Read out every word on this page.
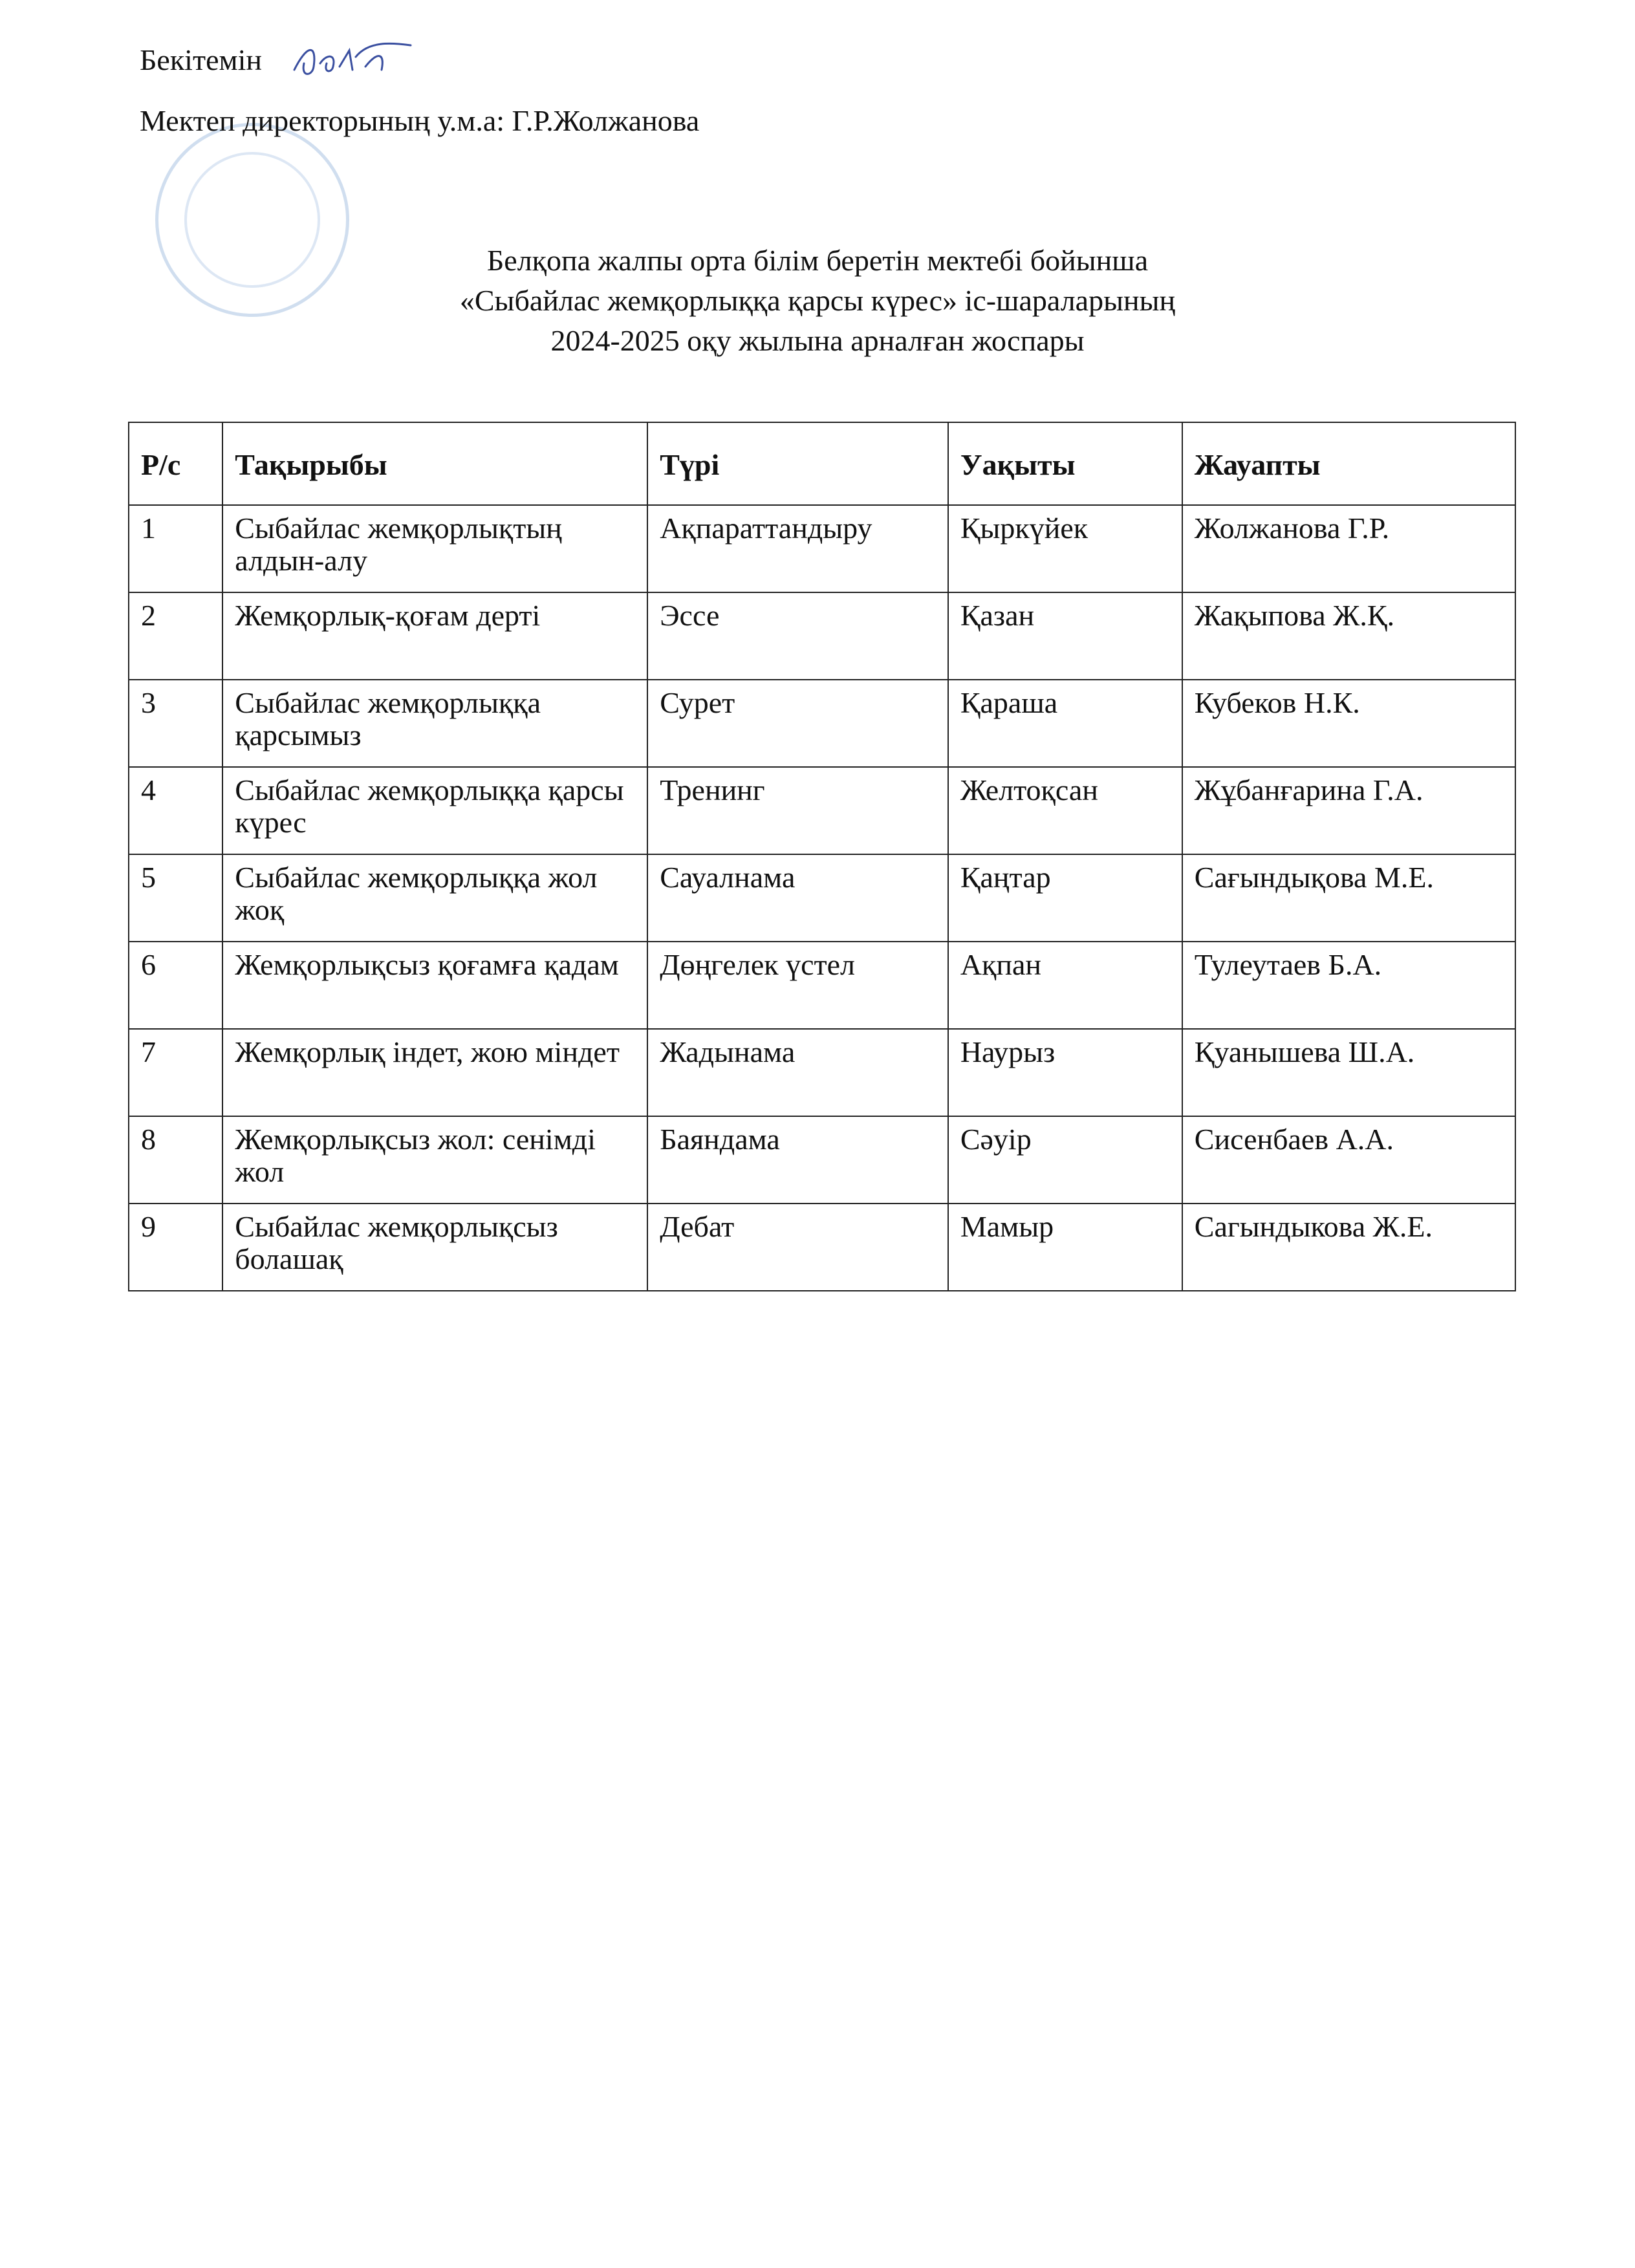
Бекітемін
Мектеп директорының у.м.а: Г.Р.Жолжанова
Белқопа жалпы орта білім беретін мектебі бойынша
«Сыбайлас жемқорлыққа қарсы күрес» іс-шараларының
2024-2025 оқу жылына арналған жоспары
Р/с	Тақырыбы	Түрі	Уақыты	Жауапты
1	Сыбайлас жемқорлықтың алдын-алу	Ақпараттандыру	Қыркүйек	Жолжанова Г.Р.
2	Жемқорлық-қоғам дерті	Эссе	Қазан	Жақыпова Ж.Қ.
3	Сыбайлас жемқорлыққа қарсымыз	Сурет	Қараша	Кубеков Н.К.
4	Сыбайлас жемқорлыққа қарсы күрес	Тренинг	Желтоқсан	Жұбанғарина Г.А.
5	Сыбайлас жемқорлыққа жол жоқ	Сауалнама	Қаңтар	Сағындықова М.Е.
6	Жемқорлықсыз қоғамға қадам	Дөңгелек үстел	Ақпан	Тулеутаев Б.А.
7	Жемқорлық індет, жою міндет	Жадынама	Наурыз	Қуанышева Ш.А.
8	Жемқорлықсыз жол: сенімді жол	Баяндама	Сәуір	Сисенбаев А.А.
9	Сыбайлас жемқорлықсыз болашақ	Дебат	Мамыр	Сагындыкова Ж.Е.
